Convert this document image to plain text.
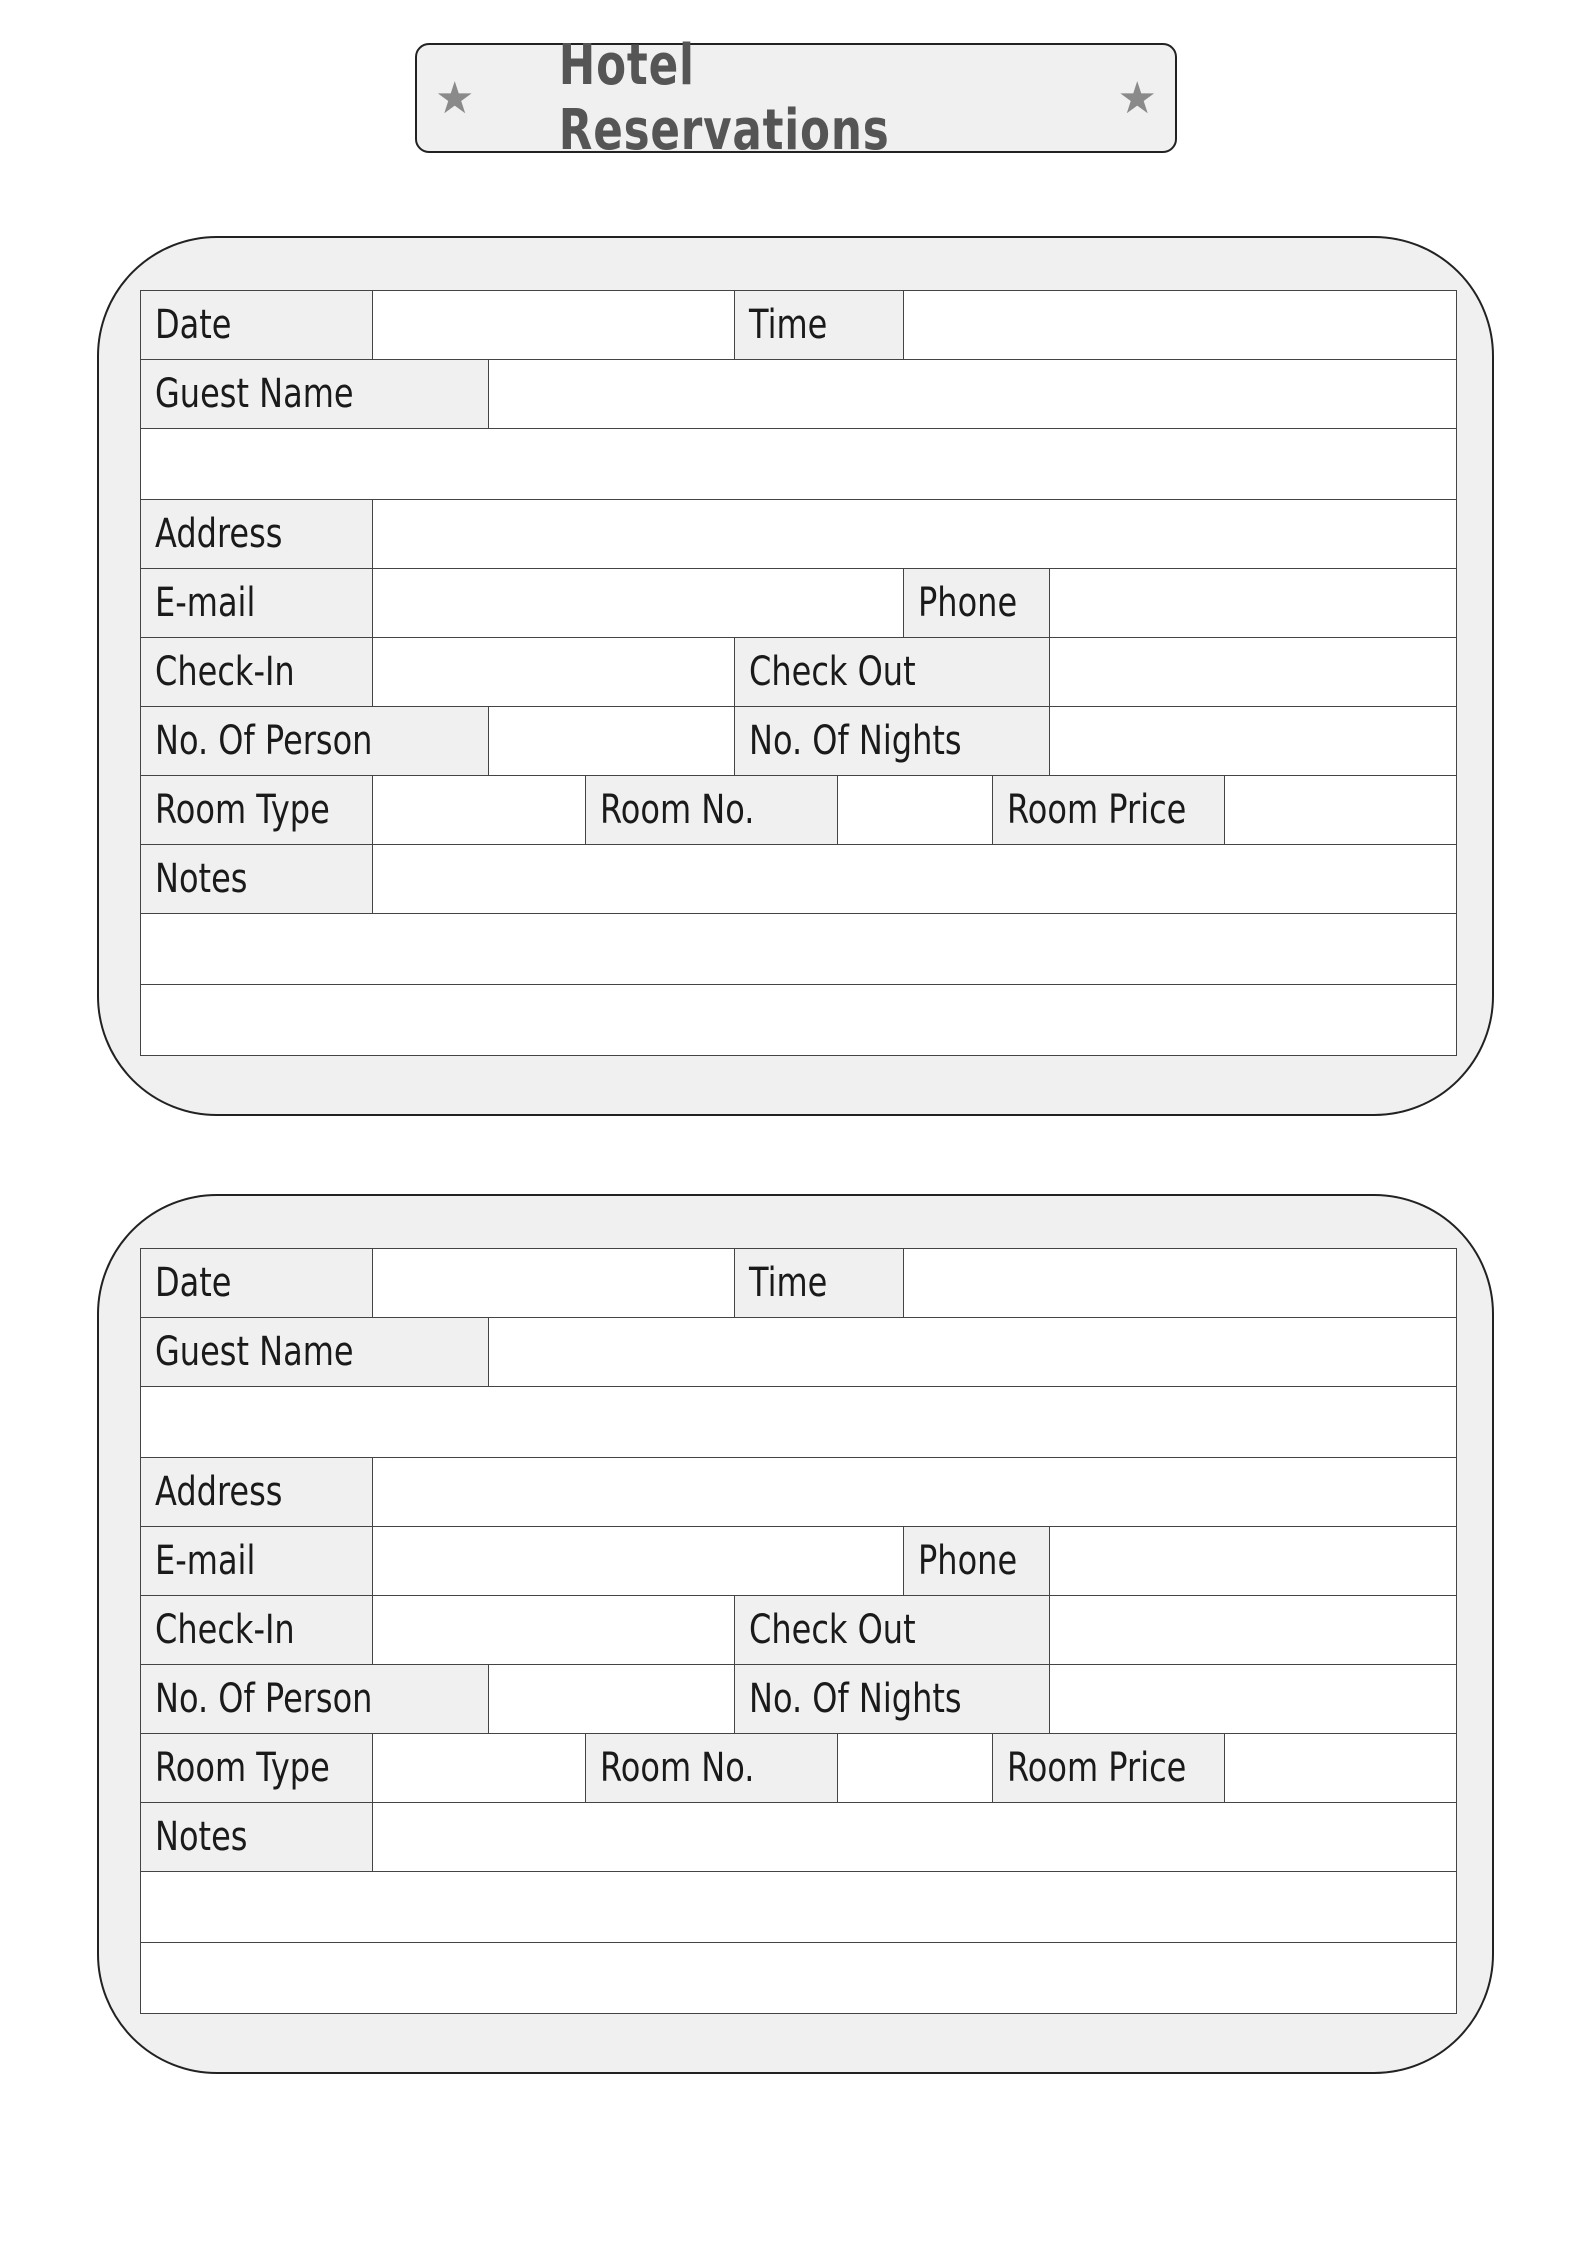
★ Hotel Reservations	★
Date	Time
Guest Name
Address
E-mail	Phone
Check-In	Check Out
No. Of Person	No. Of Nights
Room Type	Room No.	Room Price
Notes
Date	Time
Guest Name
Address
E-mail	Phone
Check-In	Check Out
No. Of Person	No. Of Nights
Room Type	Room No.	Room Price
Notes
